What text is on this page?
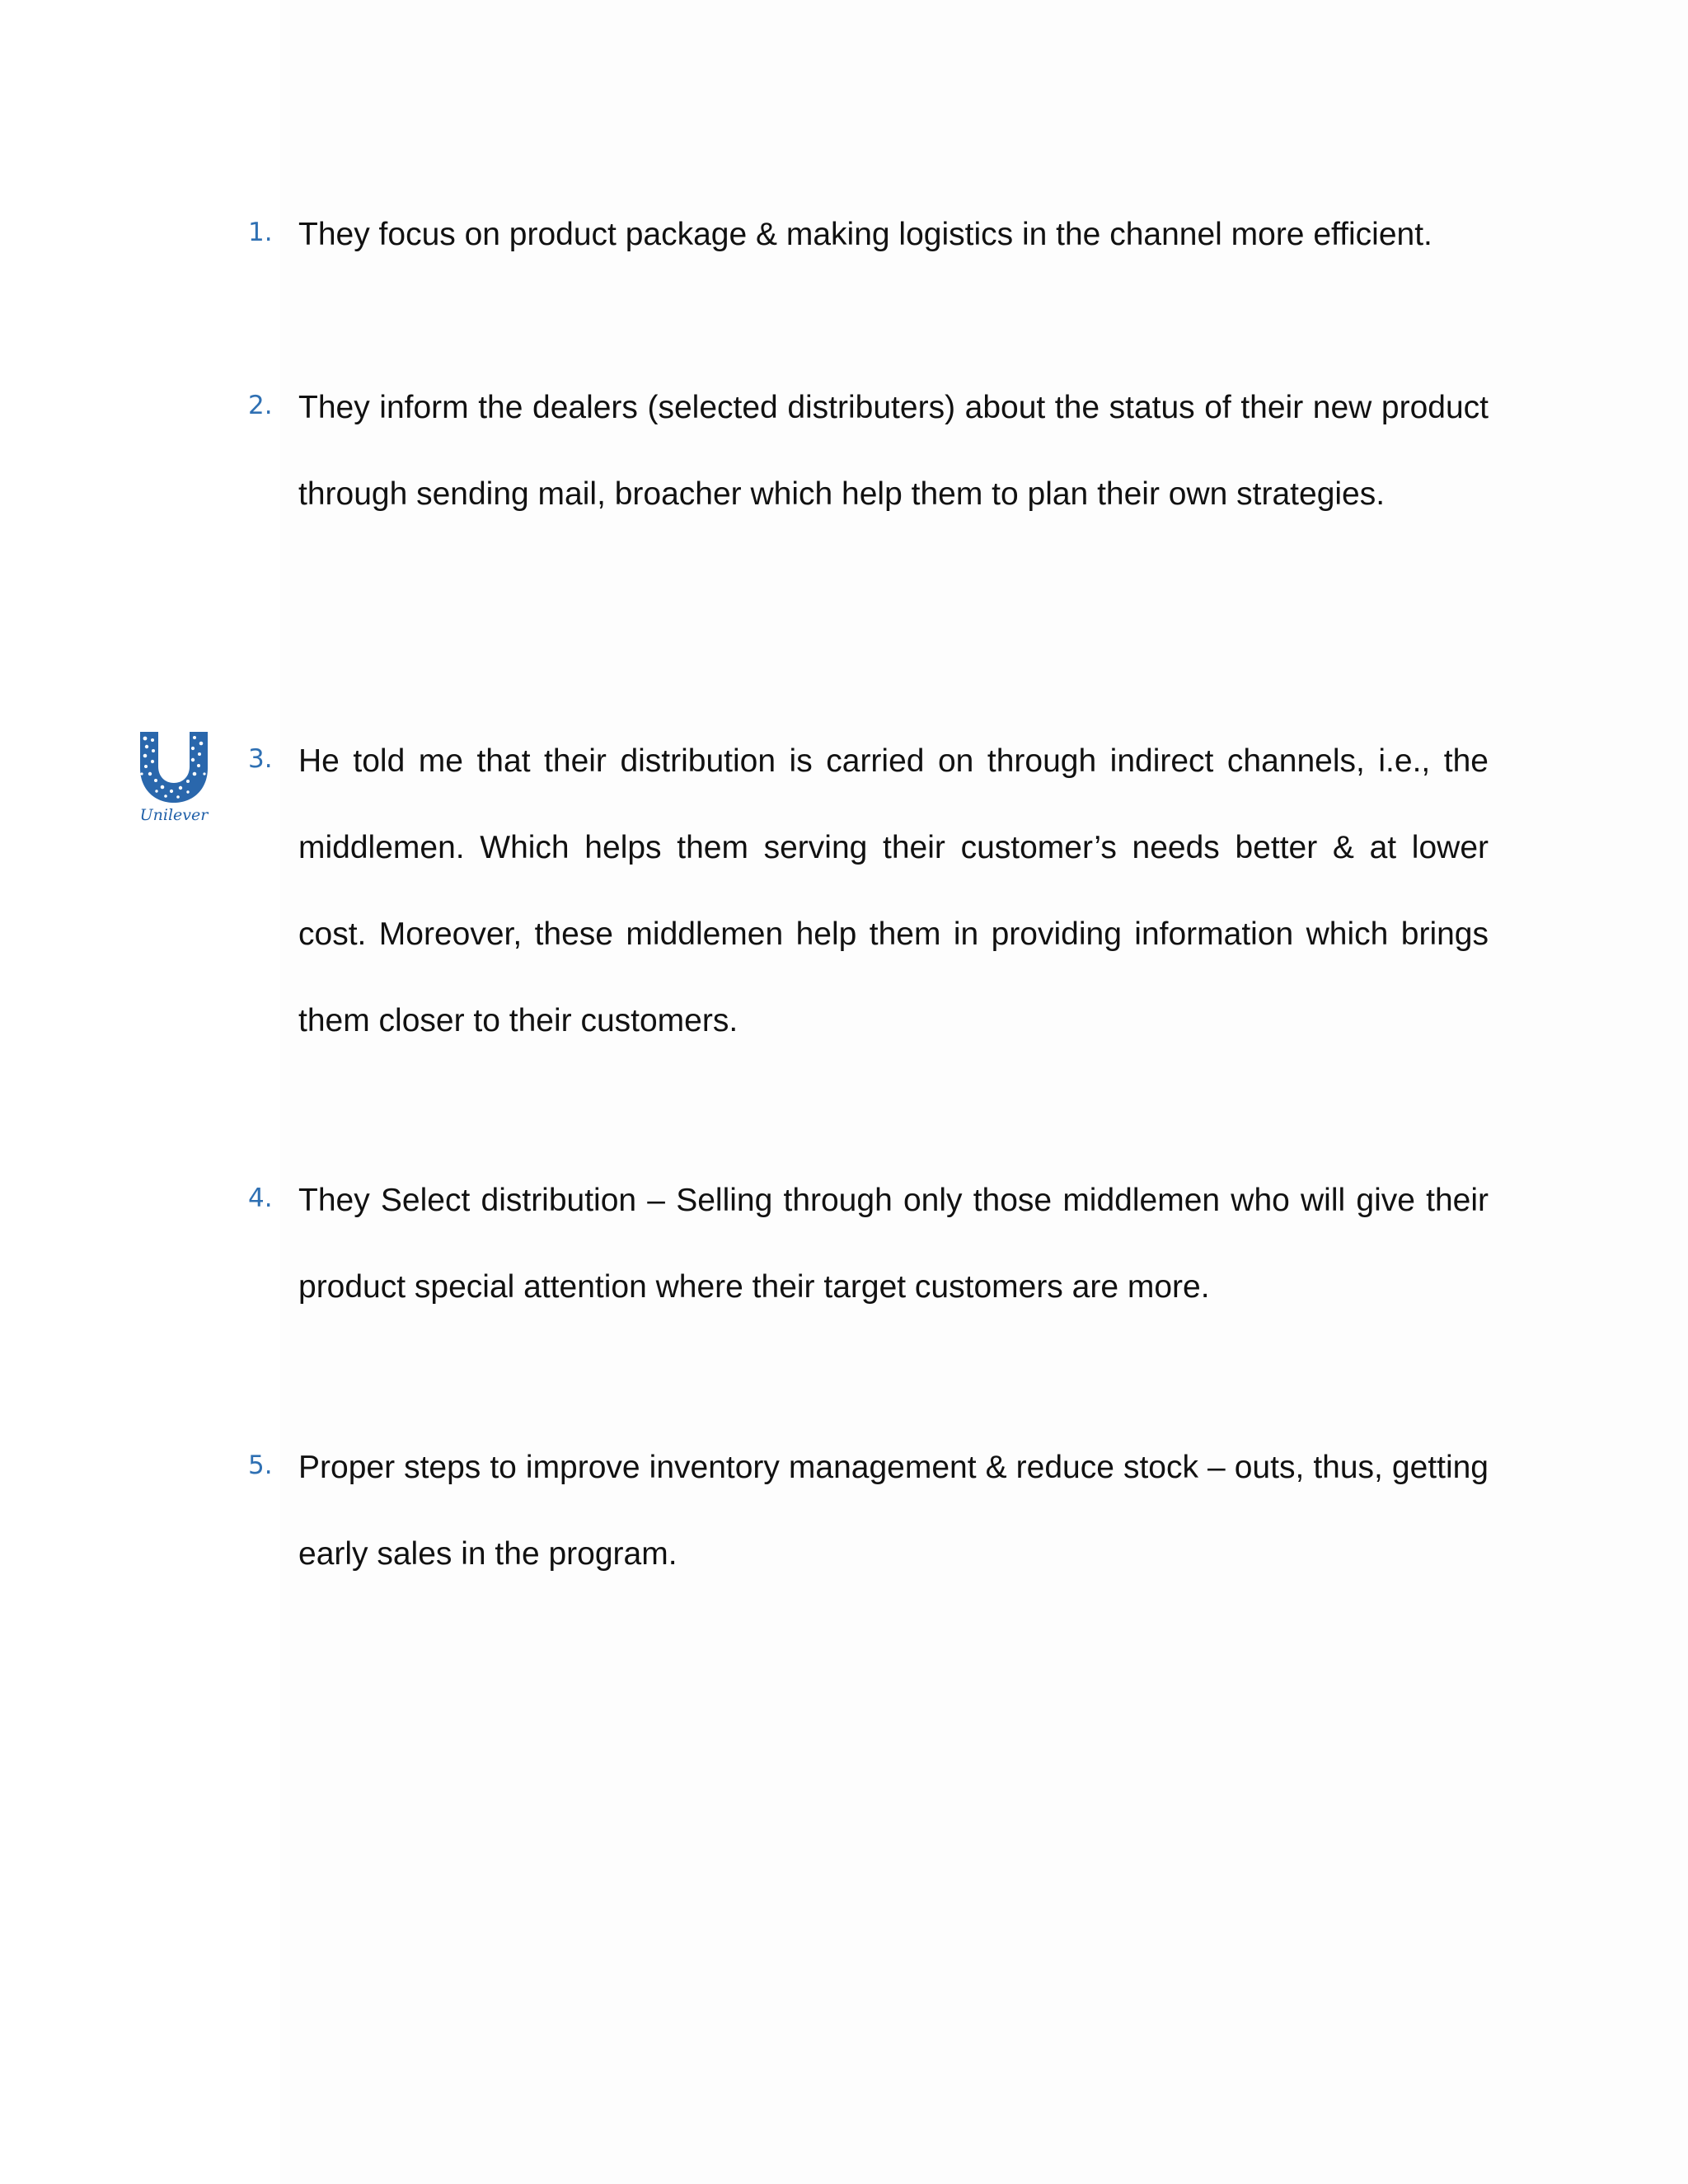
Unilever
1. They focus on product package & making logistics in the channel more efficient.

2. They inform the dealers (selected distributers) about the status of their new product through sending mail, broacher which help them to plan their own strategies.

3. He told me that their distribution is carried on through indirect channels, i.e., the middlemen. Which helps them serving their customer’s needs better & at lower cost. Moreover, these middlemen help them in providing information which brings them closer to their customers.

4. They Select distribution – Selling through only those middlemen who will give their product special attention where their target customers are more.

5. Proper steps to improve inventory management & reduce stock – outs, thus, getting early sales in the program.
